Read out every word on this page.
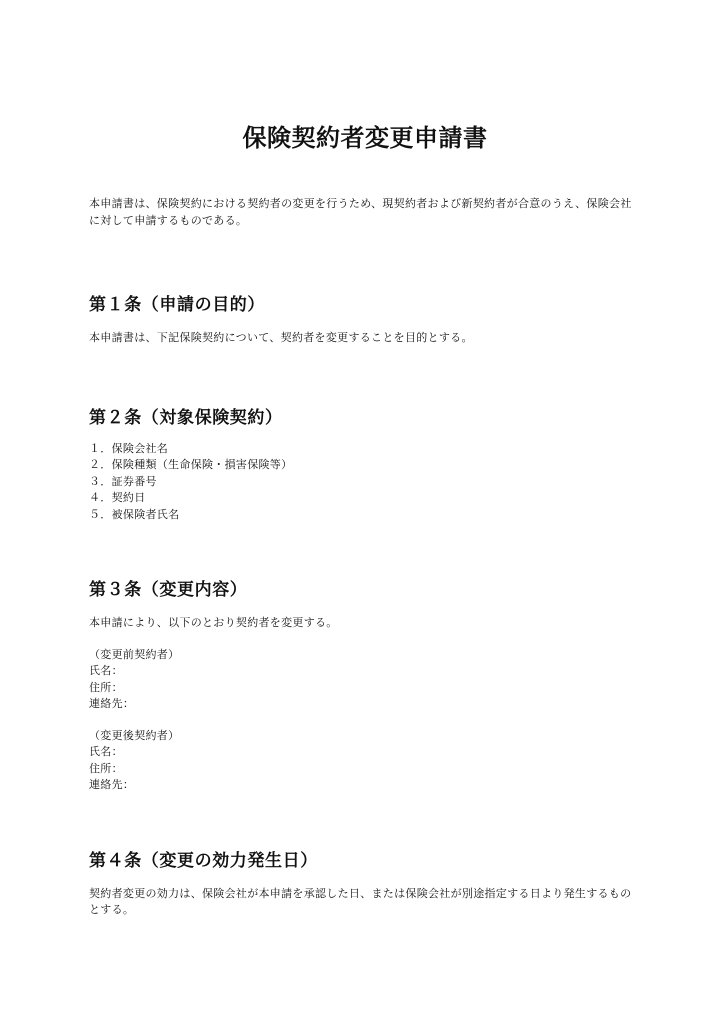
保険契約者変更申請書

本申請書は、保険契約における契約者の変更を行うため、現契約者および新契約者が合意のうえ、保険会社に対して申請するものである。

第１条（申請の目的）

本申請書は、下記保険契約について、契約者を変更することを目的とする。

第２条（対象保険契約）
１．保険会社名
２．保険種類（生命保険・損害保険等）
３．証券番号
４．契約日
５．被保険者氏名
第３条（変更内容）

本申請により、以下のとおり契約者を変更する。

（変更前契約者）
氏名：
住所：
連絡先：
（変更後契約者）
氏名：
住所：
連絡先：
第４条（変更の効力発生日）

契約者変更の効力は、保険会社が本申請を承認した日、または保険会社が別途指定する日より発生するものとする。
